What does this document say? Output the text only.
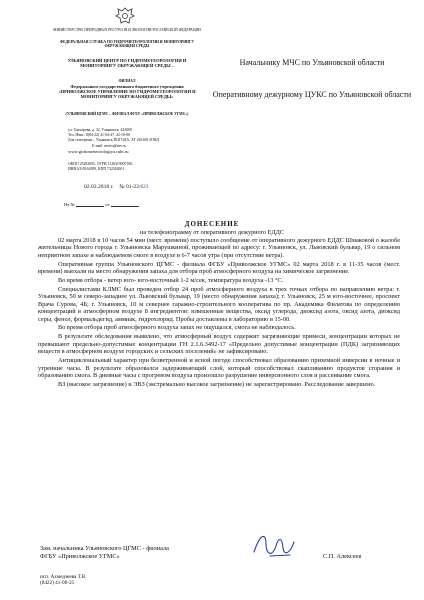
МИНИСТЕРСТВО ПРИРОДНЫХ РЕСУРСОВ И ЭКОЛОГИИ РОССИЙСКОЙ ФЕДЕРАЦИИ
ФЕДЕРАЛЬНАЯ СЛУЖБА ПО ГИДРОМЕТЕОРОЛОГИИ И МОНИТОРИНГУ ОКРУЖАЮЩЕЙ СРЕДЫ
УЛЬЯНОВСКИЙ ЦЕНТР ПО ГИДРОМЕТЕОРОЛОГИИ И МОНИТОРИНГУ ОКРУЖАЮЩЕЙ СРЕДЫ –
ФИЛИАЛ
Федерального государственного бюджетного учреждения «ПРИВОЛЖСКОЕ УПРАВЛЕНИЕ ПО ГИДРОМЕТЕОРОЛОГИИ И МОНИТОРИНГУ ОКРУЖАЮЩЕЙ СРЕДЫ»
(УЛЬЯНОВСКИЙ ЦГМС – ФИЛИАЛ ФГБУ «ПРИВОЛЖСКОЕ УГМС»)
ул. Гончарова, д. 32, Ульяновск, 432000
Тел./Факс: 8(84-22) 41-04-47, 42-18-80
Для телеграмм – Ульяновск ПОГОДА, АТ 263168 ЗОНД
E-mail: meteo@mv.ru
www.gidrometeorologiya.ruln.ru
ОКПО 25282695, ОГРН 1126319007100,
ИНН 6319164389, КПП 732543001
02.03.2018 г. № 01-22/623
На №	от
Начальнику МЧС по Ульяновской области
Оперативному дежурному ЦУКС по Ульяновской области
ДОНЕСЕНИЕ
на телефонограмму от оперативного дежурного ЕДДС

02 марта 2018 в 10 часов 54 мин (мест. времени) поступило сообщение от оперативного дежурного ЕДДС Шмаковой о жалобе жительницы Нового города г. Ульяновска Марушкиной, проживающей по адресу: г. Ульяновск, ул. Львовский бульвар, 19 о сильном неприятном запахе и наблюдаемом смоге в воздухе в 6-7 часов утра (при отсутствие ветра).

Оперативная группа Ульяновского ЦГМС - филиала ФГБУ «Приволжское УГМС» 02 марта 2018 г. в 11-35 часов (мест. времени) выехали на место обнаружения запаха для отбора проб атмосферного воздуха на химическое загрязнение.

Во время отбора - ветер юго- юго-восточный 1-2 м/сек, температура воздуха -13 °С.

Специалистами КЛМС был проведен отбор 24 проб атмосферного воздуха в трех точках отбора по направлению ветра: г. Ульяновск, 50 м северо-западнее ул. Львовский бульвар, 19 (место обнаружения запаха); г. Ульяновск, 25 м юго-восточнее, проспект Врача Сурова, 4Б; г. Ульяновск, 10 м севернее гаражно-строительного кооператива по пр. Академика Филатова по определению концентраций в атмосферном воздухе 8 ингредиентов: взвешенные вещества, оксид углерода, диоксид азота, оксид азота, диоксид серы, фенол, формальдегид, аммиак, гидрохлорид. Пробы доставлены в лабораторию в 15-00.

Во время отбора проб атмосферного воздуха запах не ощущался, смога не наблюдалось.

В результате обследования выявлено, что атмосферный воздух содержит загрязняющие примеси, концентрации которых не превышают предельно-допустимые концентрации ГН 2.1.6.3492-17 «Предельно допустимые концентрации (ПДК) загрязняющих веществ в атмосферном воздухе городских и сельских поселений» не зафиксировано.

Антициклональный характер при безветренной и ясной погоде способствовал образованию приземной инверсии в ночные и утренние часы. В результате образовался задерживающий слой, который способствовал скапливанию продуктов сгорания и образованию смога. В дневные часы с прогревом воздуха произошло разрушение инверсионного слоя и рассеивание смога.

ВЗ (высокое загрязнение) и ЭВЗ (экстремально высокое загрязнение) не зарегистрировано. Расследование завершено.

Зам. начальника Ульяновского ЦГМС - филиала
ФГБУ «Приволжское УГМС»	С.П. Алексеев
исп. Ахмедзеева Т.В.
(8422) 41-08-25
